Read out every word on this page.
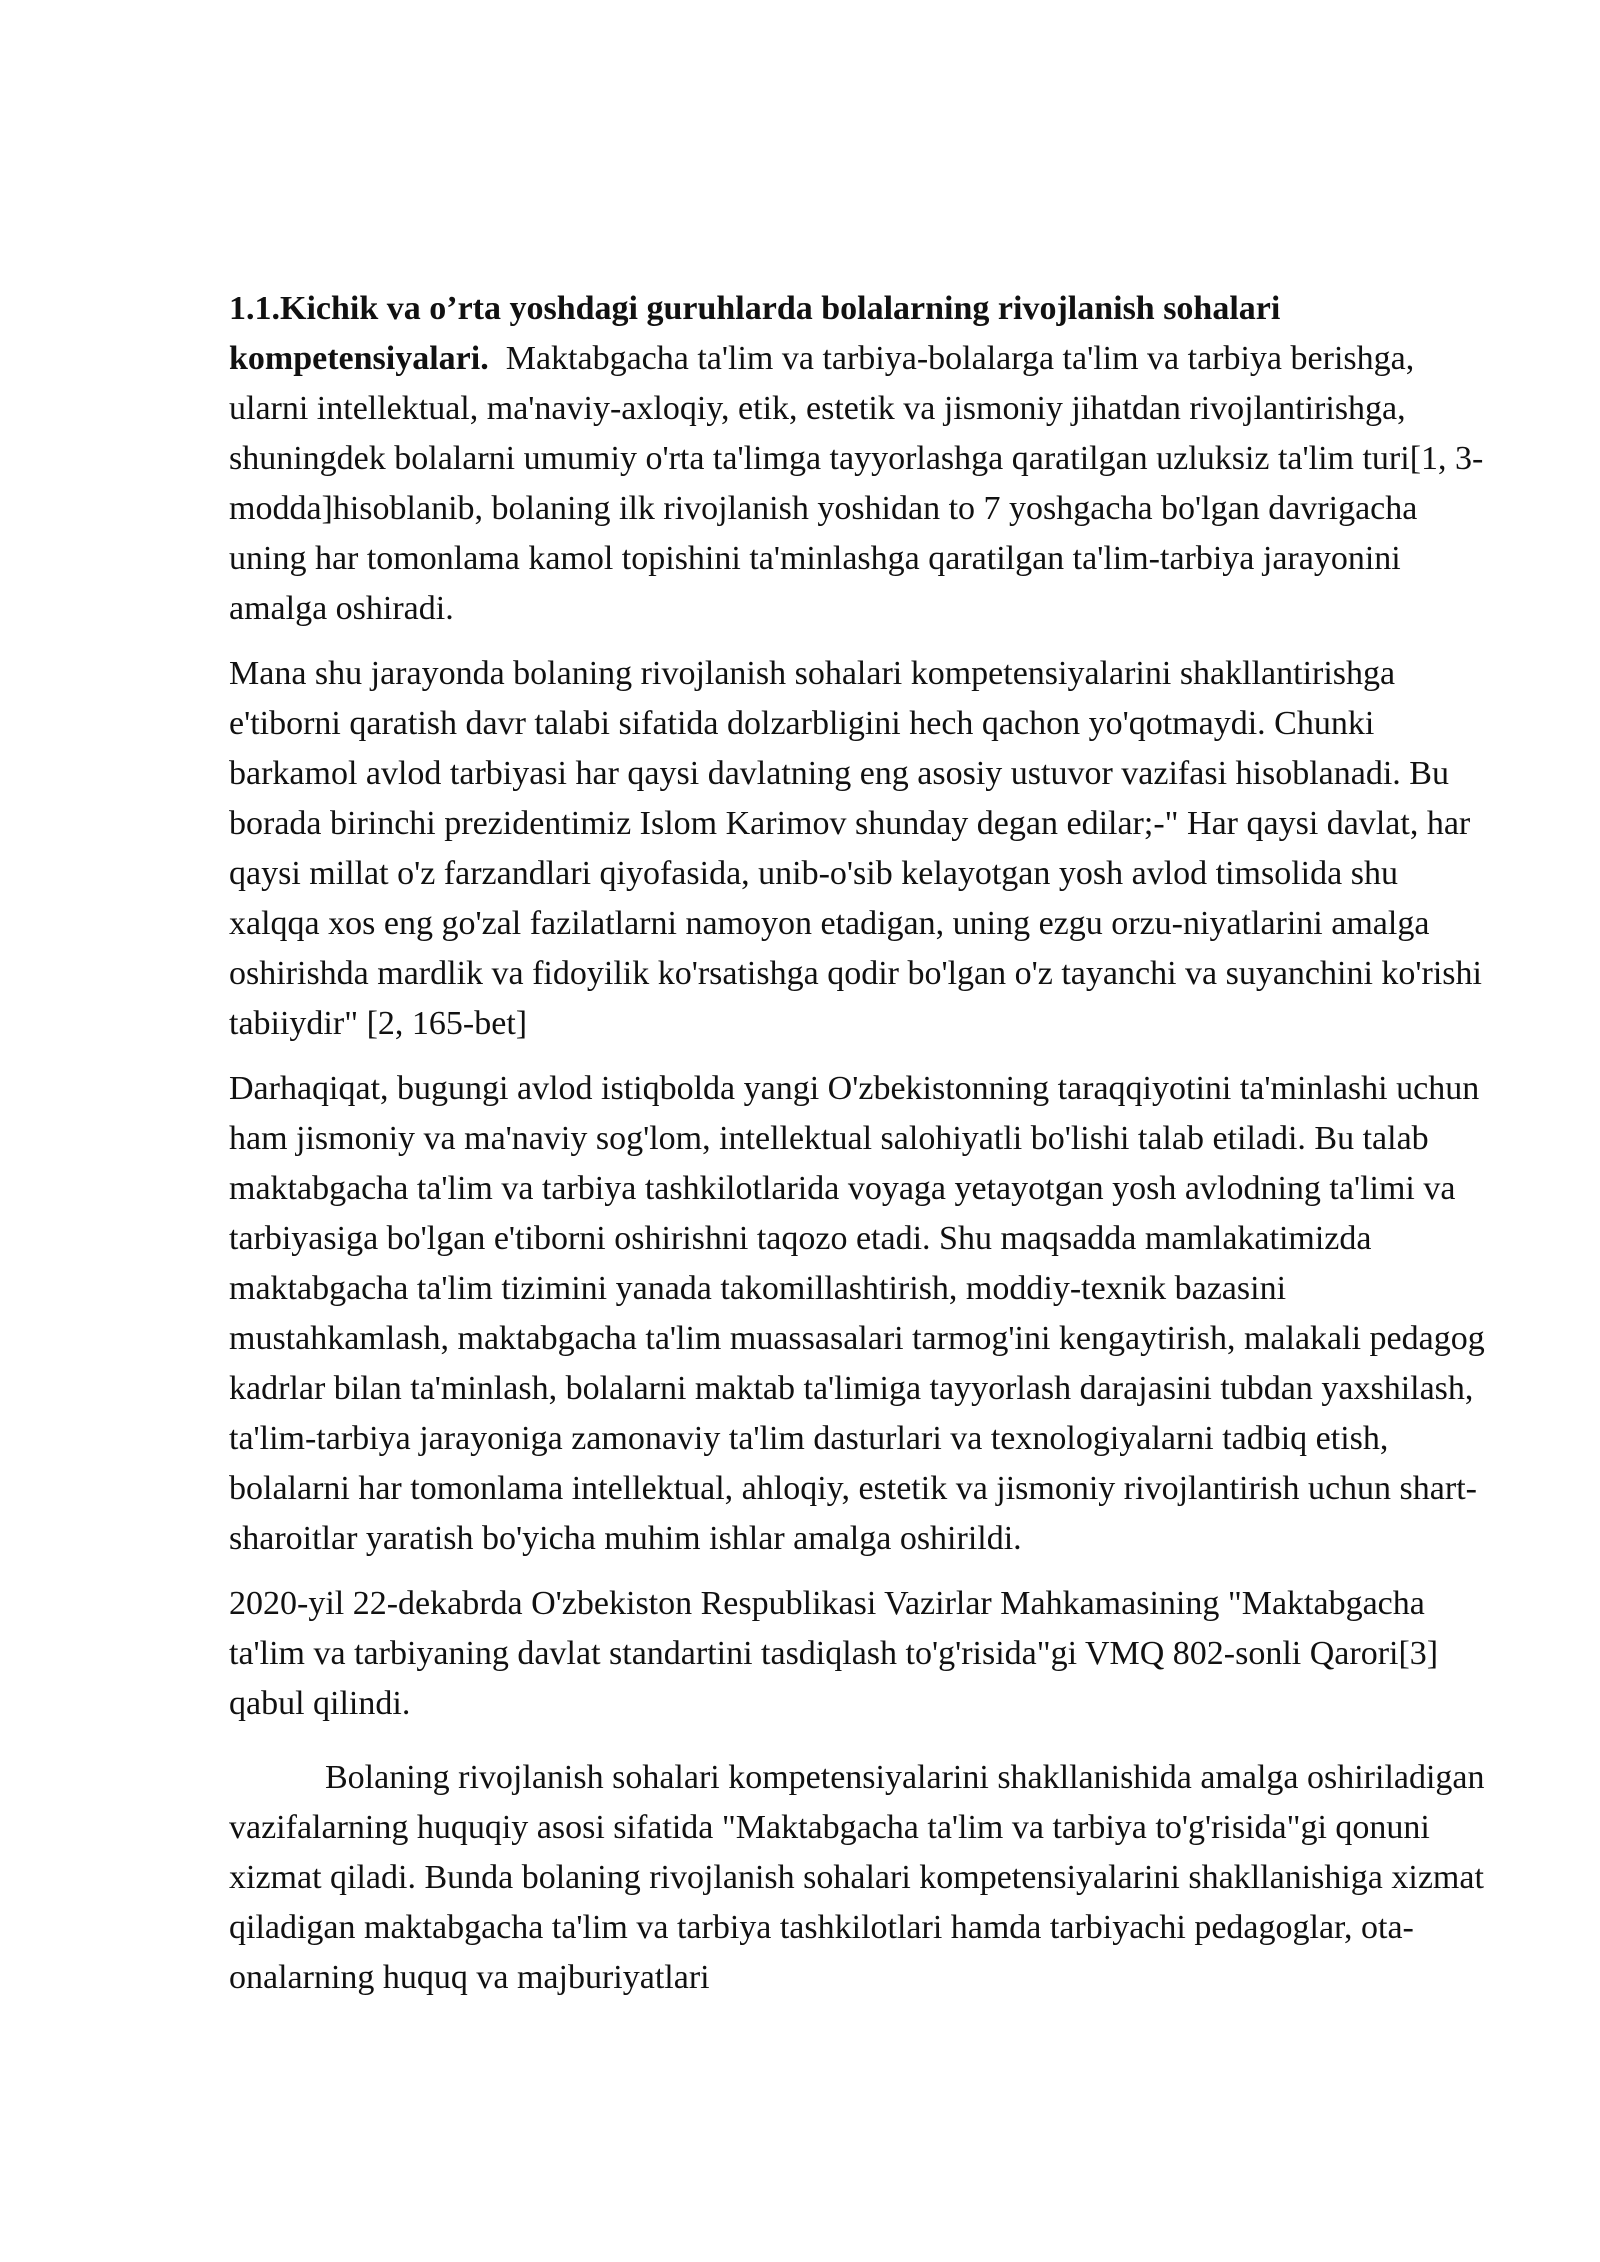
1.1.Kichik va o’rta yoshdagi guruhlarda bolalarning rivojlanish sohalari kompetensiyalari. Maktabgacha ta'lim va tarbiya-bolalarga ta'lim va tarbiya berishga, ularni intellektual, ma'naviy-axloqiy, etik, estetik va jismoniy jihatdan rivojlantirishga, shuningdek bolalarni umumiy o'rta ta'limga tayyorlashga qaratilgan uzluksiz ta'lim turi[1, 3-modda]hisoblanib, bolaning ilk rivojlanish yoshidan to 7 yoshgacha bo'lgan davrigacha uning har tomonlama kamol topishini ta'minlashga qaratilgan ta'lim-tarbiya jarayonini amalga oshiradi.

Mana shu jarayonda bolaning rivojlanish sohalari kompetensiyalarini shakllantirishga e'tiborni qaratish davr talabi sifatida dolzarbligini hech qachon yo'qotmaydi. Chunki barkamol avlod tarbiyasi har qaysi davlatning eng asosiy ustuvor vazifasi hisoblanadi. Bu borada birinchi prezidentimiz Islom Karimov shunday degan edilar;-" Har qaysi davlat, har qaysi millat o'z farzandlari qiyofasida, unib-o'sib kelayotgan yosh avlod timsolida shu xalqqa xos eng go'zal fazilatlarni namoyon etadigan, uning ezgu orzu-niyatlarini amalga oshirishda mardlik va fidoyilik ko'rsatishga qodir bo'lgan o'z tayanchi va suyanchini ko'rishi tabiiydir" [2, 165-bet]

Darhaqiqat, bugungi avlod istiqbolda yangi O'zbekistonning taraqqiyotini ta'minlashi uchun ham jismoniy va ma'naviy sog'lom, intellektual salohiyatli bo'lishi talab etiladi. Bu talab maktabgacha ta'lim va tarbiya tashkilotlarida voyaga yetayotgan yosh avlodning ta'limi va tarbiyasiga bo'lgan e'tiborni oshirishni taqozo etadi. Shu maqsadda mamlakatimizda maktabgacha ta'lim tizimini yanada takomillashtirish, moddiy-texnik bazasini mustahkamlash, maktabgacha ta'lim muassasalari tarmog'ini kengaytirish, malakali pedagog kadrlar bilan ta'minlash, bolalarni maktab ta'limiga tayyorlash darajasini tubdan yaxshilash, ta'lim-tarbiya jarayoniga zamonaviy ta'lim dasturlari va texnologiyalarni tadbiq etish, bolalarni har tomonlama intellektual, ahloqiy, estetik va jismoniy rivojlantirish uchun shart-sharoitlar yaratish bo'yicha muhim ishlar amalga oshirildi.

2020-yil 22-dekabrda O'zbekiston Respublikasi Vazirlar Mahkamasining "Maktabgacha ta'lim va tarbiyaning davlat standartini tasdiqlash to'g'risida"gi VMQ 802-sonli Qarori[3] qabul qilindi.

Bolaning rivojlanish sohalari kompetensiyalarini shakllanishida amalga oshiriladigan vazifalarning huquqiy asosi sifatida "Maktabgacha ta'lim va tarbiya to'g'risida"gi qonuni xizmat qiladi. Bunda bolaning rivojlanish sohalari kompetensiyalarini shakllanishiga xizmat qiladigan maktabgacha ta'lim va tarbiya tashkilotlari hamda tarbiyachi pedagoglar, ota-onalarning huquq va majburiyatlari
